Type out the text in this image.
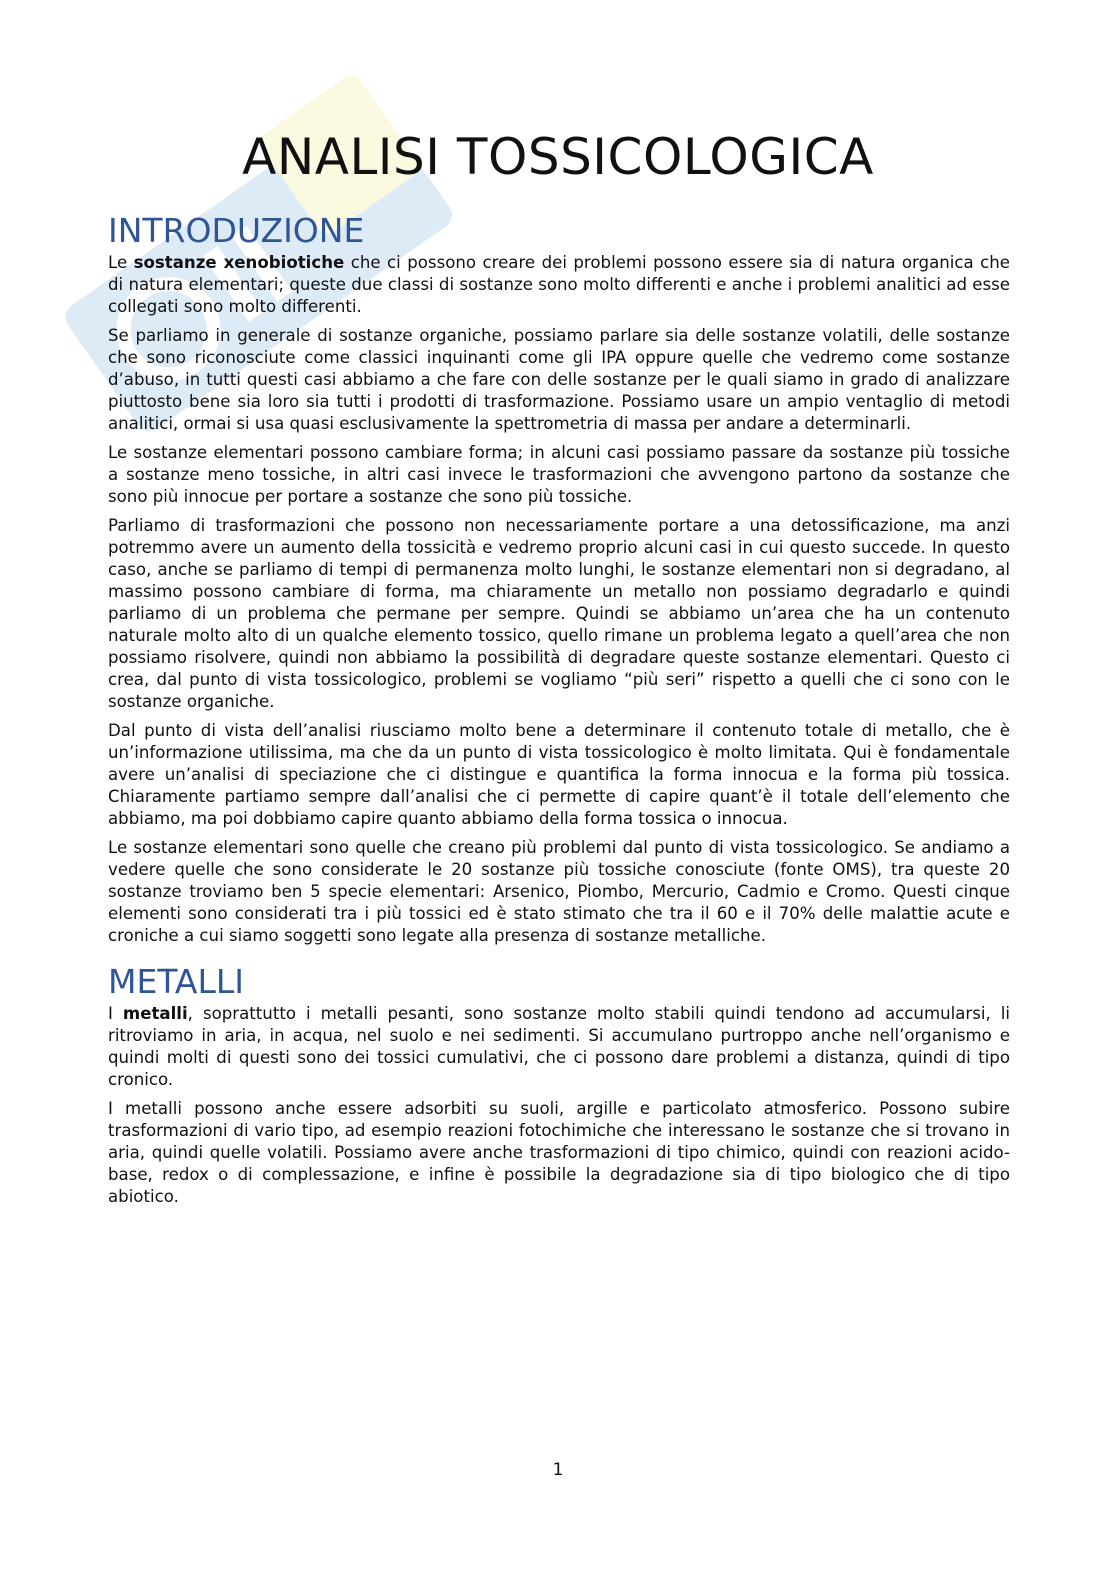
ANALISI TOSSICOLOGICA
INTRODUZIONE

Le sostanze xenobiotiche che ci possono creare dei problemi possono essere sia di natura organica che di natura elementari; queste due classi di sostanze sono molto differenti e anche i problemi analitici ad esse collegati sono molto differenti.

Se parliamo in generale di sostanze organiche, possiamo parlare sia delle sostanze volatili, delle sostanze che sono riconosciute come classici inquinanti come gli IPA oppure quelle che vedremo come sostanze d’abuso, in tutti questi casi abbiamo a che fare con delle sostanze per le quali siamo in grado di analizzare piuttosto bene sia loro sia tutti i prodotti di trasformazione. Possiamo usare un ampio ventaglio di metodi analitici, ormai si usa quasi esclusivamente la spettrometria di massa per andare a determinarli.

Le sostanze elementari possono cambiare forma; in alcuni casi possiamo passare da sostanze più tossiche a sostanze meno tossiche, in altri casi invece le trasformazioni che avvengono partono da sostanze che sono più innocue per portare a sostanze che sono più tossiche.

Parliamo di trasformazioni che possono non necessariamente portare a una detossificazione, ma anzi potremmo avere un aumento della tossicità e vedremo proprio alcuni casi in cui questo succede. In questo caso, anche se parliamo di tempi di permanenza molto lunghi, le sostanze elementari non si degradano, al massimo possono cambiare di forma, ma chiaramente un metallo non possiamo degradarlo e quindi parliamo di un problema che permane per sempre. Quindi se abbiamo un’area che ha un contenuto naturale molto alto di un qualche elemento tossico, quello rimane un problema legato a quell’area che non possiamo risolvere, quindi non abbiamo la possibilità di degradare queste sostanze elementari. Questo ci crea, dal punto di vista tossicologico, problemi se vogliamo “più seri” rispetto a quelli che ci sono con le sostanze organiche.

Dal punto di vista dell’analisi riusciamo molto bene a determinare il contenuto totale di metallo, che è un’informazione utilissima, ma che da un punto di vista tossicologico è molto limitata. Qui è fondamentale avere un’analisi di speciazione che ci distingue e quantifica la forma innocua e la forma più tossica. Chiaramente partiamo sempre dall’analisi che ci permette di capire quant’è il totale dell’elemento che abbiamo, ma poi dobbiamo capire quanto abbiamo della forma tossica o innocua.

Le sostanze elementari sono quelle che creano più problemi dal punto di vista tossicologico. Se andiamo a vedere quelle che sono considerate le 20 sostanze più tossiche conosciute (fonte OMS), tra queste 20 sostanze troviamo ben 5 specie elementari: Arsenico, Piombo, Mercurio, Cadmio e Cromo. Questi cinque elementi sono considerati tra i più tossici ed è stato stimato che tra il 60 e il 70% delle malattie acute e croniche a cui siamo soggetti sono legate alla presenza di sostanze metalliche.

METALLI

I metalli, soprattutto i metalli pesanti, sono sostanze molto stabili quindi tendono ad accumularsi, li ritroviamo in aria, in acqua, nel suolo e nei sedimenti. Si accumulano purtroppo anche nell’organismo e quindi molti di questi sono dei tossici cumulativi, che ci possono dare problemi a distanza, quindi di tipo cronico.

I metalli possono anche essere adsorbiti su suoli, argille e particolato atmosferico. Possono subire trasformazioni di vario tipo, ad esempio reazioni fotochimiche che interessano le sostanze che si trovano in aria, quindi quelle volatili. Possiamo avere anche trasformazioni di tipo chimico, quindi con reazioni acido-base, redox o di complessazione, e infine è possibile la degradazione sia di tipo biologico che di tipo abiotico.

1
